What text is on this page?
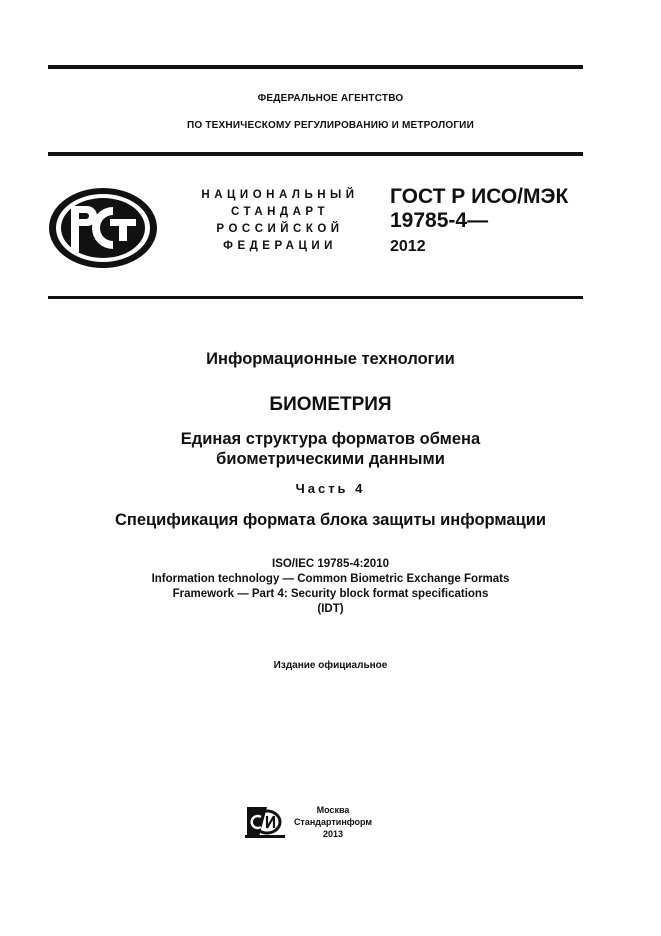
ФЕДЕРАЛЬНОЕ АГЕНТСТВО
ПО ТЕХНИЧЕСКОМУ РЕГУЛИРОВАНИЮ И МЕТРОЛОГИИ
НАЦИОНАЛЬНЫЙ
СТАНДАРТ
РОССИЙСКОЙ
ФЕДЕРАЦИИ
ГОСТ Р ИСО/МЭК
19785-4—
2012
Информационные технологии
БИОМЕТРИЯ
Единая структура форматов обмена
биометрическими данными
Часть 4
Спецификация формата блока защиты информации
ISO/IEC 19785-4:2010
Information technology — Common Biometric Exchange Formats
Framework — Part 4: Security block format specifications
(IDT)
Издание официальное
Москва
Стандартинформ
2013
